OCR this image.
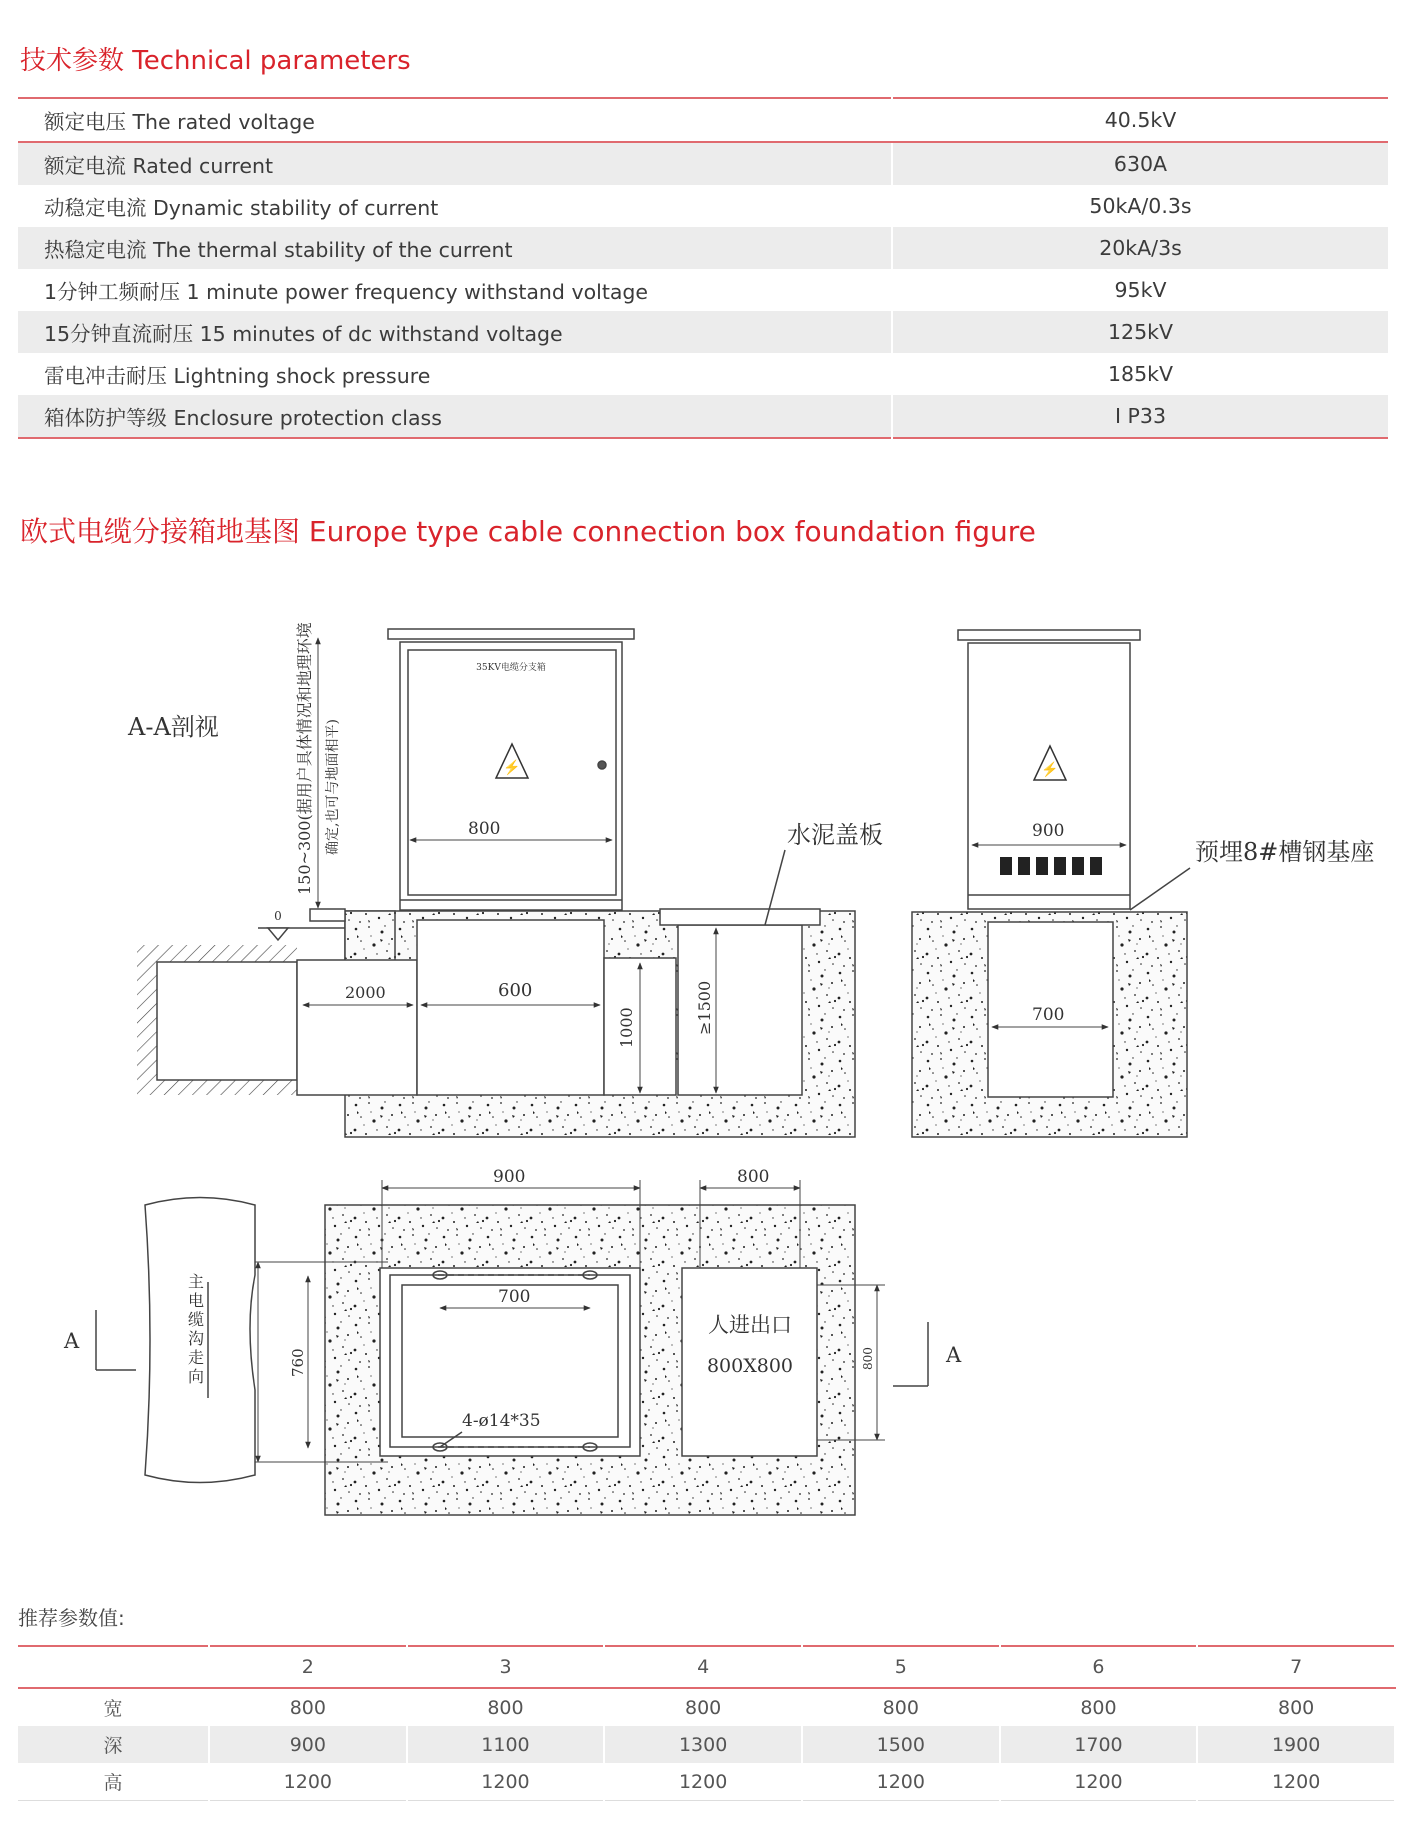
技术参数 Technical parameters
额定电压 The rated voltage	40.5kV
额定电流 Rated current	630A
动稳定电流 Dynamic stability of current	50kA/0.3s
热稳定电流 The thermal stability of the current	20kA/3s
1分钟工频耐压 1 minute power frequency withstand voltage	95kV
15分钟直流耐压 15 minutes of dc withstand voltage	125kV
雷电冲击耐压 Lightning shock pressure	185kV
箱体防护等级 Enclosure protection class	I P33
欧式电缆分接箱地基图 Europe type cable connection box foundation figure
A-A剖视
35KV电缆分支箱
⚡
800
150~300(据用户具体情况和地理环境 确定,也可与地面相平)
0
2000	600
1000	≥1500
水泥盖板
⚡
900
700
预埋8#槽钢基座
人进出口
800X800
900	800
700
4-ø14*35
760	800
主电缆沟走向
A
A
推荐参数值:
	2	3	4	5	6	7
宽	800	800	800	800	800	800
深	900	1100	1300	1500	1700	1900
高	1200	1200	1200	1200	1200	1200
